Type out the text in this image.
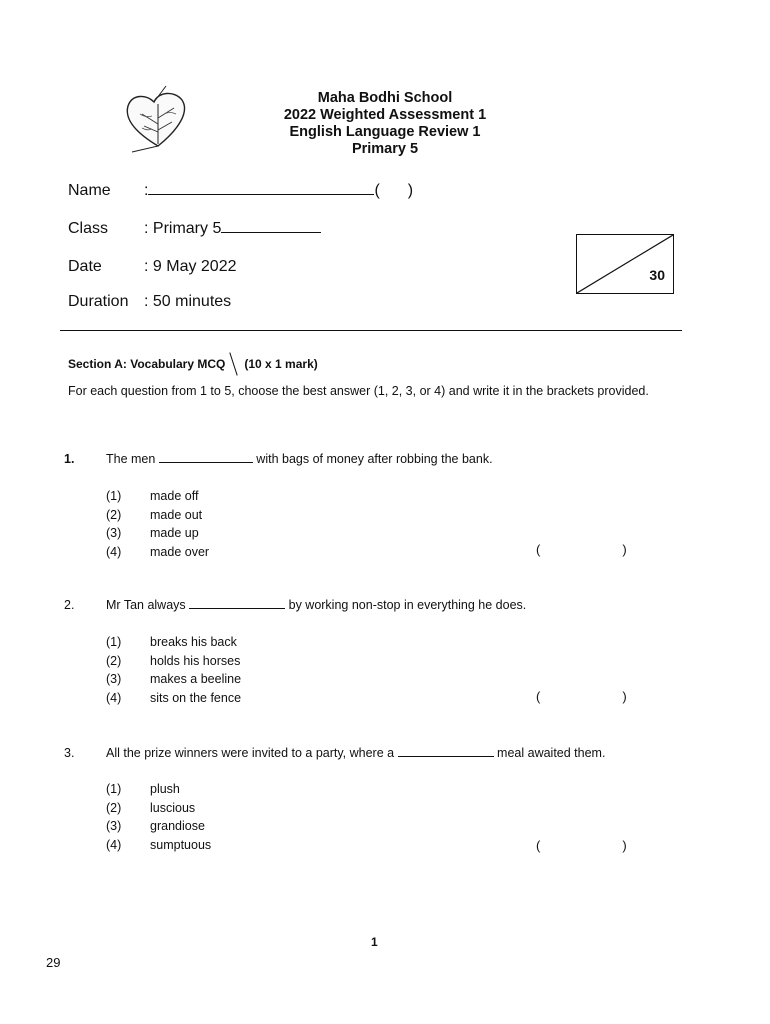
Maha Bodhi School
2022 Weighted Assessment 1
English Language Review 1
Primary 5
Name :	( )
Class : Primary 5
Date	: 9 May 2022
Duration : 50 minutes
30
Section A: Vocabulary MCQ (10 x 1 mark)
For each question from 1 to 5, choose the best answer (1, 2, 3, or 4) and write it in the brackets provided.
1.	The men	with bags of money after robbing the bank.
(1) made off
(2) made out
(3) made up
(4) made over	(	)
2.	Mr Tan always	by working non-stop in everything he does.
(1) breaks his back
(2) holds his horses
(3) makes a beeline
(4) sits on the fence	(	)
3.	All the prize winners were invited to a party, where a	meal awaited them.
(1) plush
(2) luscious
(3) grandiose
(4) sumptuous	(	)
1
29
